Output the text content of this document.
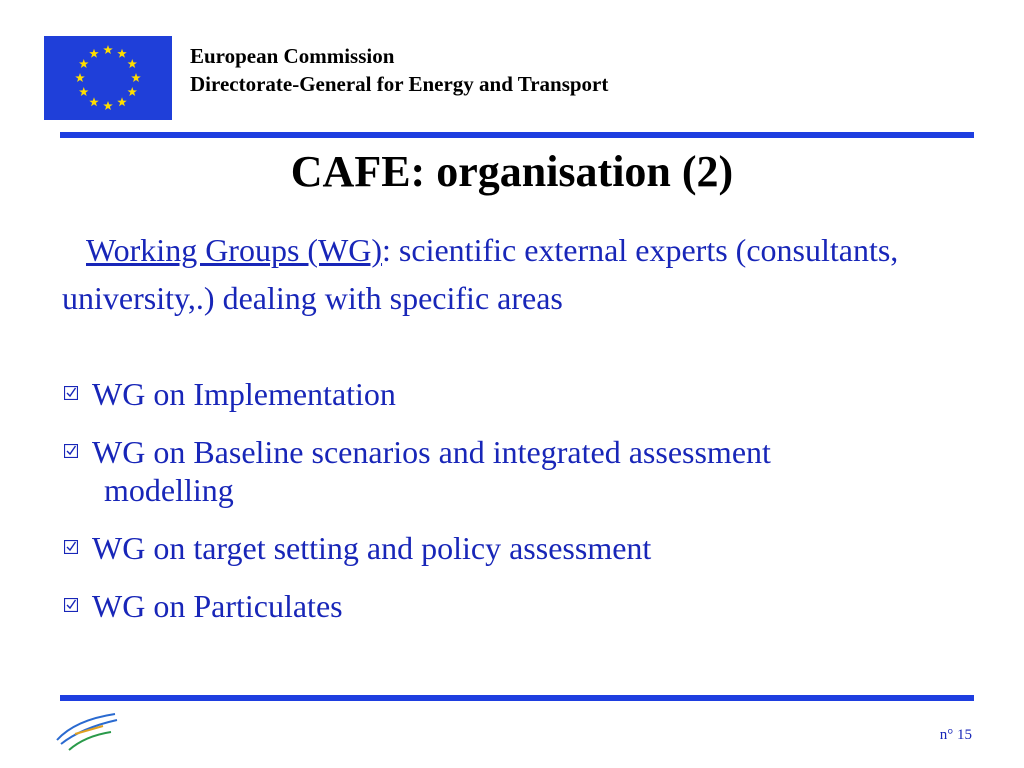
European Commission
Directorate-General for Energy and Transport
CAFE: organisation (2)
Working Groups (WG): scientific external experts (consultants, university,.) dealing with specific areas
WG on Implementation
WG on Baseline scenarios and integrated assessment
modelling
WG on target setting and policy assessment
WG on Particulates
n° 15
